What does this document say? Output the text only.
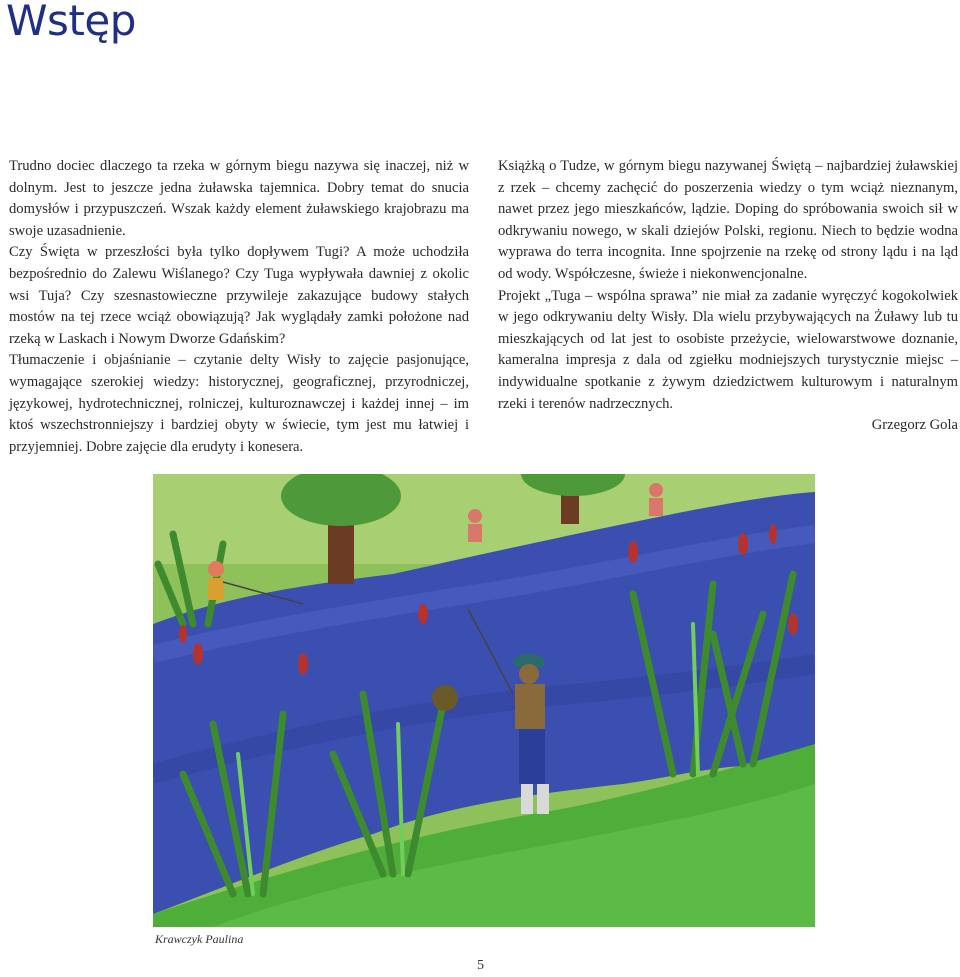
Wstęp

Trudno dociec dlaczego ta rzeka w górnym biegu nazywa się inaczej, niż w dolnym. Jest to jeszcze jedna żuławska tajemnica. Dobry temat do snucia domysłów i przypuszczeń. Wszak każdy element żuławskiego krajobrazu ma swoje uzasadnienie.

Czy Święta w przeszłości była tylko dopływem Tugi? A może uchodziła bezpośrednio do Zalewu Wiślanego? Czy Tuga wypływała dawniej z okolic wsi Tuja? Czy szesnastowieczne przywileje zakazujące budowy stałych mostów na tej rzece wciąż obowiązują? Jak wyglądały zamki położone nad rzeką w Laskach i Nowym Dworze Gdańskim?

Tłumaczenie i objaśnianie – czytanie delty Wisły to zajęcie pasjonujące, wymagające szerokiej wiedzy: historycznej, geograficznej, przyrodniczej, językowej, hydrotechnicznej, rolniczej, kulturoznawczej i każdej innej – im ktoś wszechstronniejszy i bardziej obyty w świecie, tym jest mu łatwiej i przyjemniej. Dobre zajęcie dla erudyty i konesera.

Książką o Tudze, w górnym biegu nazywanej Świętą – najbardziej żuławskiej z rzek – chcemy zachęcić do poszerzenia wiedzy o tym wciąż nieznanym, nawet przez jego mieszkańców, lądzie. Doping do spróbowania swoich sił w odkrywaniu nowego, w skali dziejów Polski, regionu. Niech to będzie wodna wyprawa do terra incognita. Inne spojrzenie na rzekę od strony lądu i na ląd od wody. Współczesne, świeże i niekonwencjonalne.

Projekt „Tuga – wspólna sprawa” nie miał za zadanie wyręczyć kogokolwiek w jego odkrywaniu delty Wisły. Dla wielu przybywających na Żuławy lub tu mieszkających od lat jest to osobiste przeżycie, wielowarstwowe doznanie, kameralna impresja z dala od zgiełku modniejszych turystycznie miejsc – indywidualne spotkanie z żywym dziedzictwem kulturowym i naturalnym rzeki i terenów nadrzecznych.

Grzegorz Gola

Krawczyk Paulina
5
